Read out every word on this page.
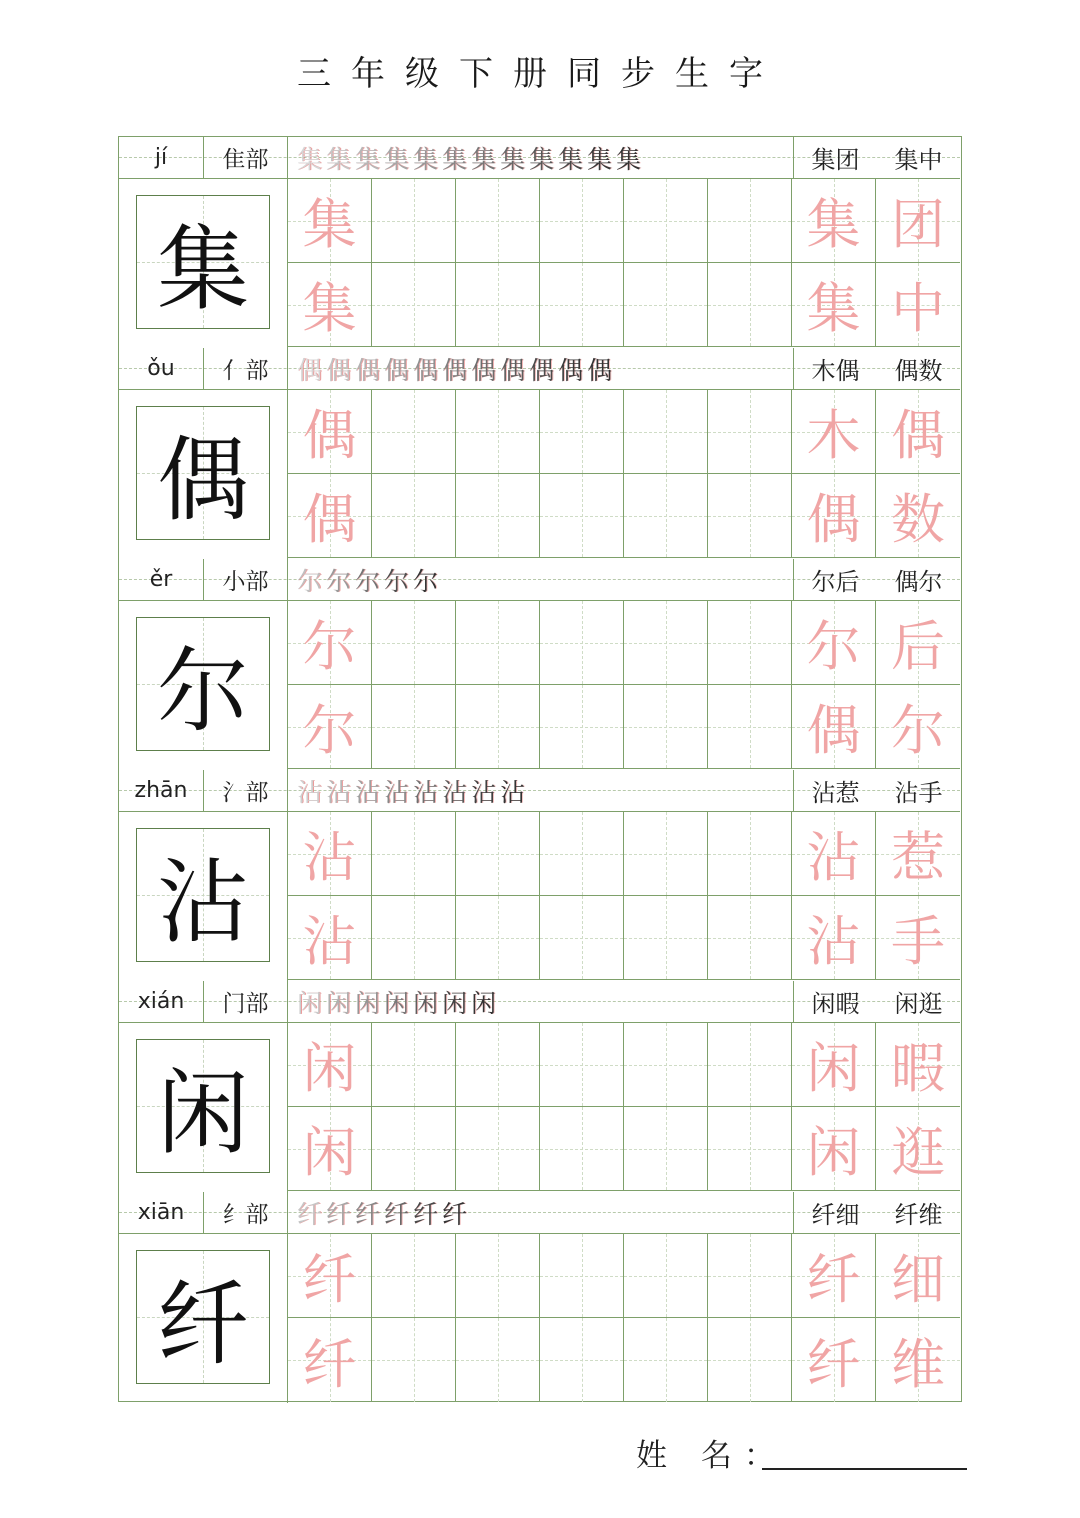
三年级下册同步生字
jí	隹部	集 集 集 集 集 集 集 集 集 集 集 集	集团 集中
集 集	集 团
集	集 中
ǒu	亻部	偶 偶 偶 偶 偶 偶 偶 偶 偶 偶 偶	木偶 偶数
偶 偶	木 偶
偶	偶 数
ěr	小部	尔 尔 尔 尔 尔	尔后 偶尔
尔 尔	尔 后
尔	偶 尔
zhān	氵部	沾 沾 沾 沾 沾 沾 沾 沾	沾惹 沾手
沾 沾	沾 惹
沾	沾 手
xián	门部	闲 闲 闲 闲 闲 闲 闲	闲暇 闲逛
闲 闲	闲 暇
闲	闲 逛
xiān	纟部	纤 纤 纤 纤 纤 纤	纤细 纤维
纤 纤	纤 细
纤	纤 维
姓 名：
